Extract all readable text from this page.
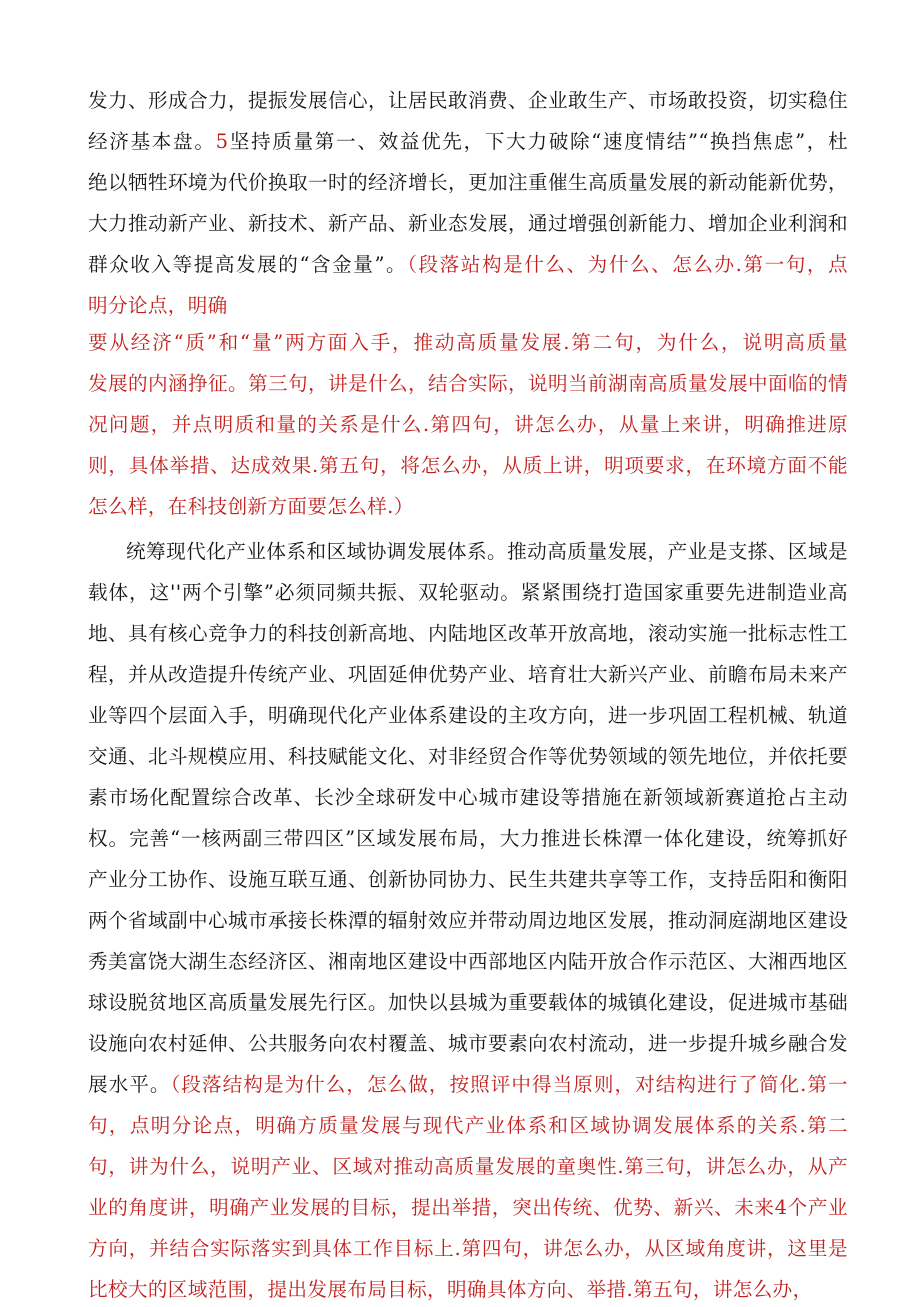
发力、形成合力，提振发展信心，让居民敢消费、企业敢生产、市场敢投资，切实稳住
经济基本盘。5坚持质量第一、效益优先，下大力破除“速度情结”“换挡焦虑”，杜
绝以牺牲环境为代价换取一时的经济增长，更加注重催生高质量发展的新动能新优势，
大力推动新产业、新技术、新产品、新业态发展，通过增强创新能力、增加企业利润和
群众收入等提高发展的“含金量”。（段落站构是什么、为什么、怎么办.第一句，点
明分论点，明确
要从经济“质”和“量”两方面入手，推动高质量发展.第二句，为什么，说明高质量
发展的内涵挣征。第三句，讲是什么，结合实际，说明当前湖南高质量发展中面临的情
况问题，并点明质和量的关系是什么.第四句，讲怎么办，从量上来讲，明确推进原
则，具体举措、达成效果.第五句，将怎么办，从质上讲，明项要求，在环境方面不能
怎么样，在科技创新方面要怎么样.）
统筹现代化产业体系和区域协调发展体系。推动高质量发展，产业是支搽、区域是
载体，这''两个引擎”必须同频共振、双轮驱动。紧紧围绕打造国家重要先进制造业高
地、具有核心竞争力的科技创新高地、内陆地区改革开放高地，滚动实施一批标志性工
程，并从改造提升传统产业、巩固延伸优势产业、培育壮大新兴产业、前瞻布局未来产
业等四个层面入手，明确现代化产业体系建设的主攻方向，进一步巩固工程机械、轨道
交通、北斗规模应用、科技赋能文化、对非经贸合作等优势领域的领先地位，并依托要
素市场化配置综合改革、长沙全球研发中心城市建设等措施在新领域新赛道抢占主动
权。完善“一核两副三带四区”区域发展布局，大力推进长株潭一体化建设，统筹抓好
产业分工协作、设施互联互通、创新协同协力、民生共建共享等工作，支持岳阳和衡阳
两个省域副中心城市承接长株潭的辐射效应并带动周边地区发展，推动洞庭湖地区建设
秀美富饶大湖生态经济区、湘南地区建设中西部地区内陆开放合作示范区、大湘西地区
球设脱贫地区高质量发展先行区。加快以县城为重要载体的城镇化建设，促进城市基础
设施向农村延伸、公共服务向农村覆盖、城市要素向农村流动，进一步提升城乡融合发
展水平。（段落结构是为什么，怎么做，按照评中得当原则，对结构进行了简化.第一
句，点明分论点，明确方质量发展与现代产业体系和区域协调发展体系的关系.第二
句，讲为什么，说明产业、区域对推动高质量发展的童奥性.第三句，讲怎么办，从产
业的角度讲，明确产业发展的目标，提出举措，突出传统、优势、新兴、未来4个产业
方向，并结合实际落实到具体工作目标上.第四句，讲怎么办，从区域角度讲，这里是
比校大的区域范围，提出发展布局目标，明确具体方向、举措.第五句，讲怎么办，
